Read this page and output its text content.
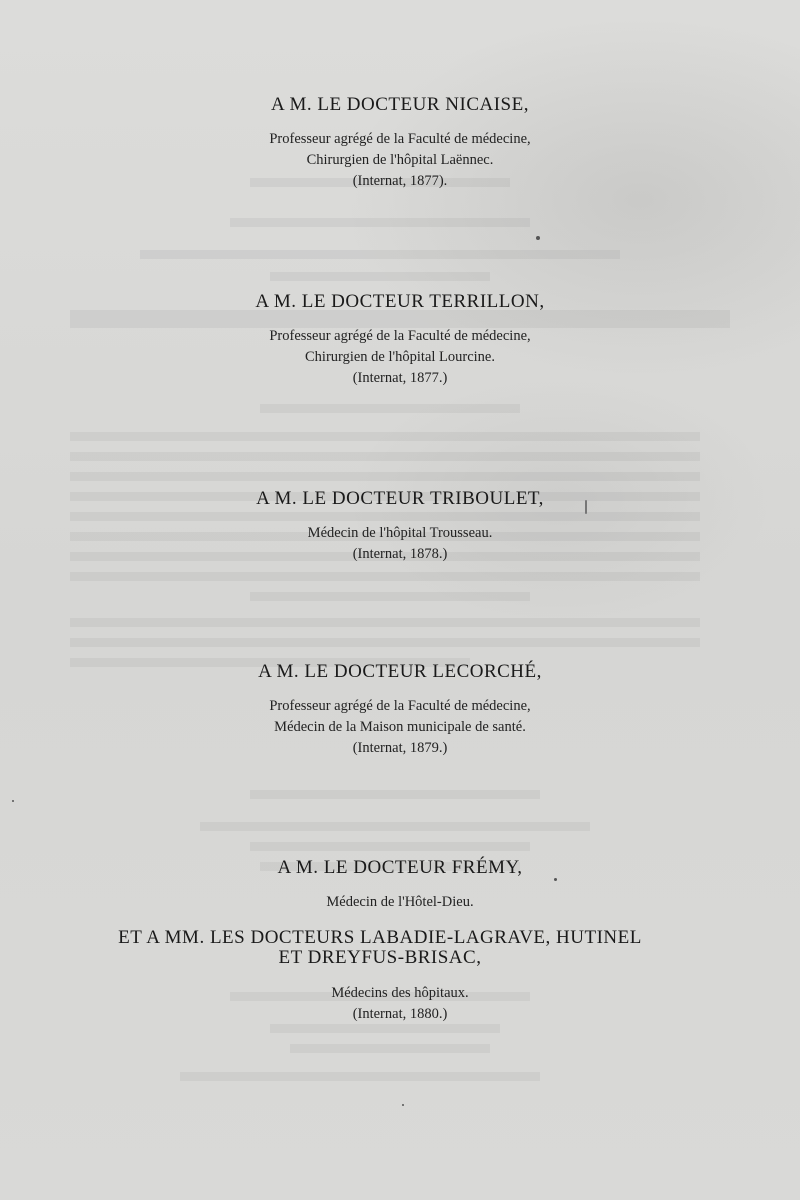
A M. LE DOCTEUR NICAISE,
Professeur agrégé de la Faculté de médecine,
Chirurgien de l'hôpital Laënnec.
(Internat, 1877).
A M. LE DOCTEUR TERRILLON,
Professeur agrégé de la Faculté de médecine,
Chirurgien de l'hôpital Lourcine.
(Internat, 1877.)
A M. LE DOCTEUR TRIBOULET,
Médecin de l'hôpital Trousseau.
(Internat, 1878.)
A M. LE DOCTEUR LECORCHÉ,
Professeur agrégé de la Faculté de médecine,
Médecin de la Maison municipale de santé.
(Internat, 1879.)
A M. LE DOCTEUR FRÉMY,
Médecin de l'Hôtel-Dieu.
ET A MM. LES DOCTEURS LABADIE-LAGRAVE, HUTINEL
ET DREYFUS-BRISAC,
Médecins des hôpitaux.
(Internat, 1880.)
